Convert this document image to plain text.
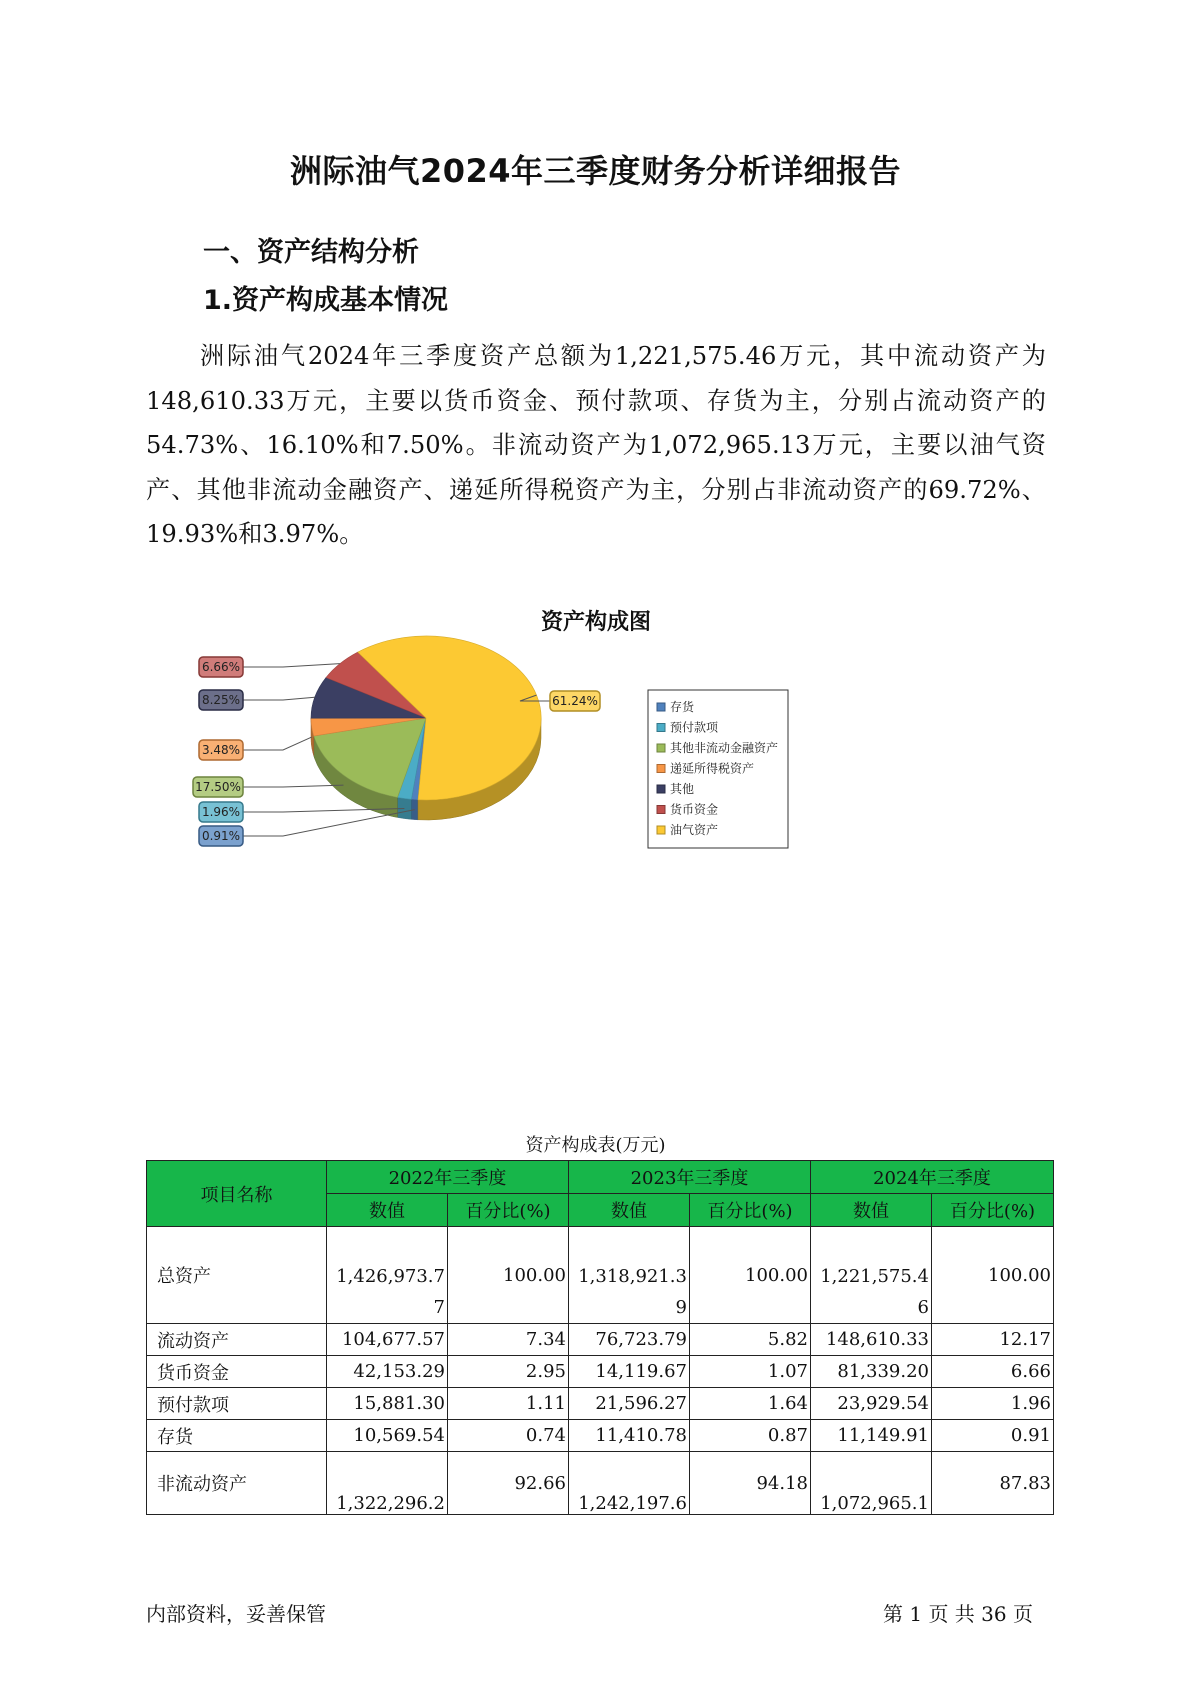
洲际油气2024年三季度财务分析详细报告
一、资产结构分析
1.资产构成基本情况
洲际油气2024年三季度资产总额为1,221,575.46万元，其中流动资产为148,610.33万元，主要以货币资金、预付款项、存货为主，分别占流动资产的54.73%、16.10%和7.50%。非流动资产为1,072,965.13万元，主要以油气资产、其他非流动金融资产、递延所得税资产为主，分别占非流动资产的69.72%、19.93%和3.97%。
资产构成图
0.91%
1.96%
17.50%
3.48%
8.25%
6.66%
61.24%	存货
预付款项
其他非流动金融资产
递延所得税资产
其他
货币资金
油气资产
资产构成表(万元)
项目名称	2022年三季度		2023年三季度		2024年三季度	
	数值	百分比(%)	数值	百分比(%)	数值	百分比(%)
总资产	1,426,973.77	100.00	1,318,921.39	100.00	1,221,575.46	100.00
流动资产	104,677.57	7.34	76,723.79	5.82	148,610.33	12.17
货币资金	42,153.29	2.95	14,119.67	1.07	81,339.20	6.66
预付款项	15,881.30	1.11	21,596.27	1.64	23,929.54	1.96
存货	10,569.54	0.74	11,410.78	0.87	11,149.91	0.91
非流动资产	1,322,296.2	92.66	1,242,197.6	94.18	1,072,965.1	87.83
内部资料，妥善保管	第 1 页 共 36 页
